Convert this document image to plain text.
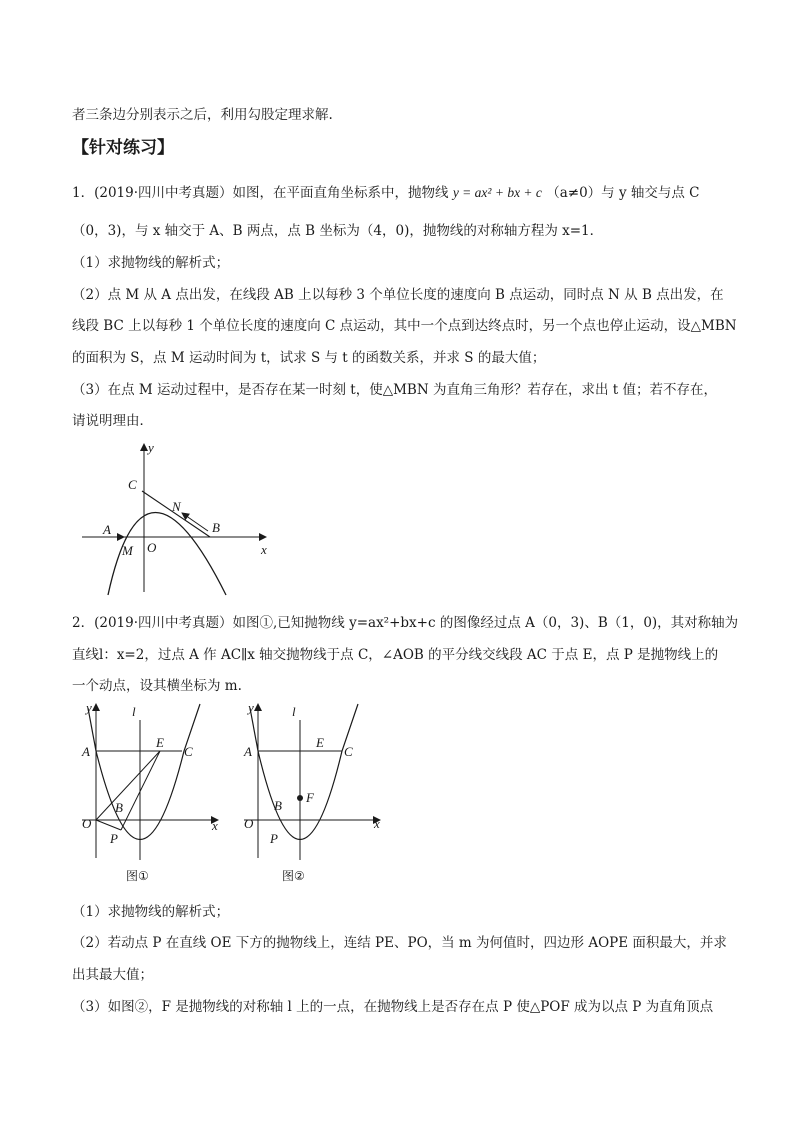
者三条边分别表示之后，利用勾股定理求解.
【针对练习】
1．(2019·四川中考真题）如图，在平面直角坐标系中，抛物线 y = ax² + bx + c （a≠0）与 y 轴交与点 C
（0，3)，与 x 轴交于 A、B 两点，点 B 坐标为（4，0)，抛物线的对称轴方程为 x=1．
（1）求抛物线的解析式；
（2）点 M 从 A 点出发，在线段 AB 上以每秒 3 个单位长度的速度向 B 点运动，同时点 N 从 B 点出发，在
线段 BC 上以每秒 1 个单位长度的速度向 C 点运动，其中一个点到达终点时，另一个点也停止运动，设△MBN
的面积为 S，点 M 运动时间为 t，试求 S 与 t 的函数关系，并求 S 的最大值；
（3）在点 M 运动过程中，是否存在某一时刻 t，使△MBN 为直角三角形？若存在，求出 t 值；若不存在，
请说明理由．
y
C
N
A	B
M O	x
2．(2019·四川中考真题）如图①,已知抛物线 y=ax²+bx+c 的图像经过点 A（0，3)、B（1，0)，其对称轴为
直线l：x=2，过点 A 作 AC∥x 轴交抛物线于点 C，∠AOB 的平分线交线段 AC 于点 E，点 P 是抛物线上的
一个动点，设其横坐标为 m.
y	l
A
E
C
B
O
P
x
图①
y	l
A
E
C
F
B
O
P
x
图②
（1）求抛物线的解析式；
（2）若动点 P 在直线 OE 下方的抛物线上，连结 PE、PO，当 m 为何值时，四边形 AOPE 面积最大，并求
出其最大值；
（3）如图②，F 是抛物线的对称轴 l 上的一点，在抛物线上是否存在点 P 使△POF 成为以点 P 为直角顶点
